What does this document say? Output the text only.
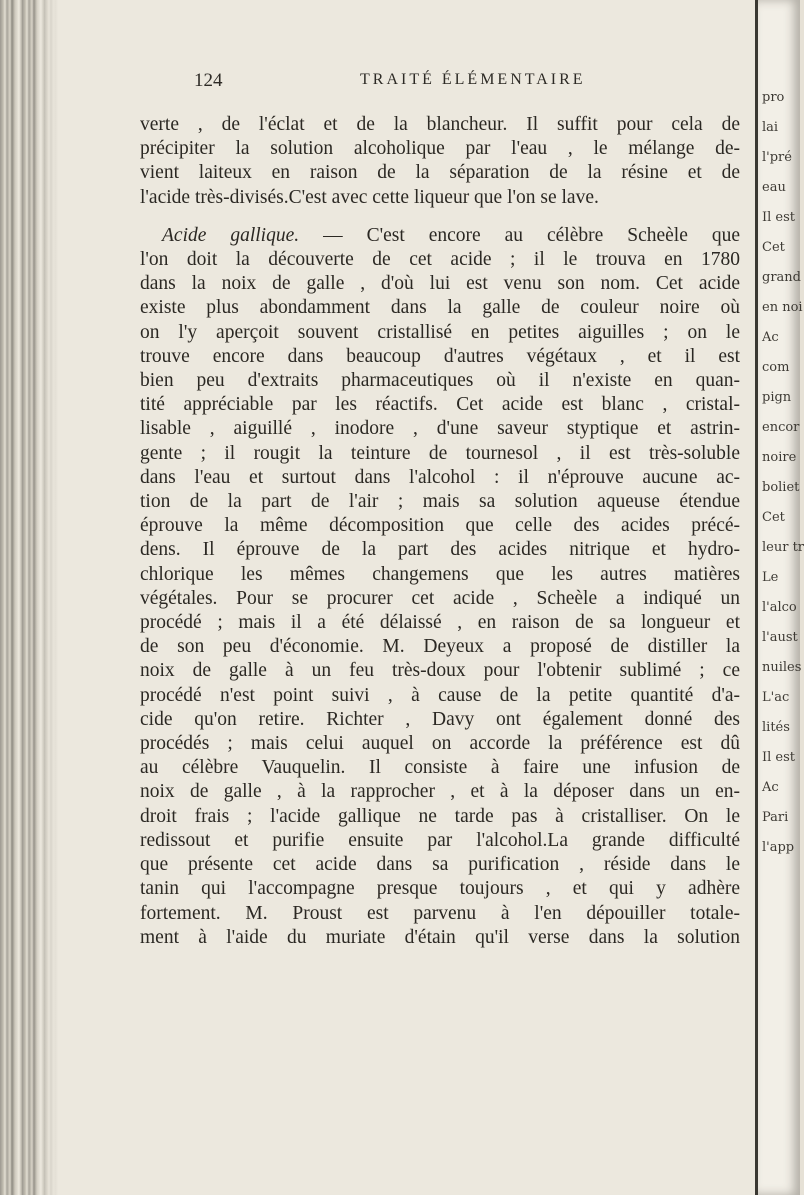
pro
lai
l'pré
eau
Il est
Cet
grand
en noi
Ac
com
pign
encor
noire
boliet
Cet
leur tr
Le
l'alco
l'aust
nuiles
L'ac
lités
Il est
Ac
Pari
l'app
124	TRAITÉ ÉLÉMENTAIRE
verte , de l'éclat et de la blancheur. Il suffit pour cela de
précipiter la solution alcoholique par l'eau , le mélange de-
vient laiteux en raison de la séparation de la résine et de
l'acide très-divisés.C'est avec cette liqueur que l'on se lave.
Acide gallique. — C'est encore au célèbre Scheèle que
l'on doit la découverte de cet acide ; il le trouva en 1780
dans la noix de galle , d'où lui est venu son nom. Cet acide
existe plus abondamment dans la galle de couleur noire où
on l'y aperçoit souvent cristallisé en petites aiguilles ; on le
trouve encore dans beaucoup d'autres végétaux , et il est
bien peu d'extraits pharmaceutiques où il n'existe en quan-
tité appréciable par les réactifs. Cet acide est blanc , cristal-
lisable , aiguillé , inodore , d'une saveur styptique et astrin-
gente ; il rougit la teinture de tournesol , il est très-soluble
dans l'eau et surtout dans l'alcohol : il n'éprouve aucune ac-
tion de la part de l'air ; mais sa solution aqueuse étendue
éprouve la même décomposition que celle des acides précé-
dens. Il éprouve de la part des acides nitrique et hydro-
chlorique les mêmes changemens que les autres matières
végétales. Pour se procurer cet acide , Scheèle a indiqué un
procédé ; mais il a été délaissé , en raison de sa longueur et
de son peu d'économie. M. Deyeux a proposé de distiller la
noix de galle à un feu très-doux pour l'obtenir sublimé ; ce
procédé n'est point suivi , à cause de la petite quantité d'a-
cide qu'on retire. Richter , Davy ont également donné des
procédés ; mais celui auquel on accorde la préférence est dû
au célèbre Vauquelin. Il consiste à faire une infusion de
noix de galle , à la rapprocher , et à la déposer dans un en-
droit frais ; l'acide gallique ne tarde pas à cristalliser. On le
redissout et purifie ensuite par l'alcohol.La grande difficulté
que présente cet acide dans sa purification , réside dans le
tanin qui l'accompagne presque toujours , et qui y adhère
fortement. M. Proust est parvenu à l'en dépouiller totale-
ment à l'aide du muriate d'étain qu'il verse dans la solution
